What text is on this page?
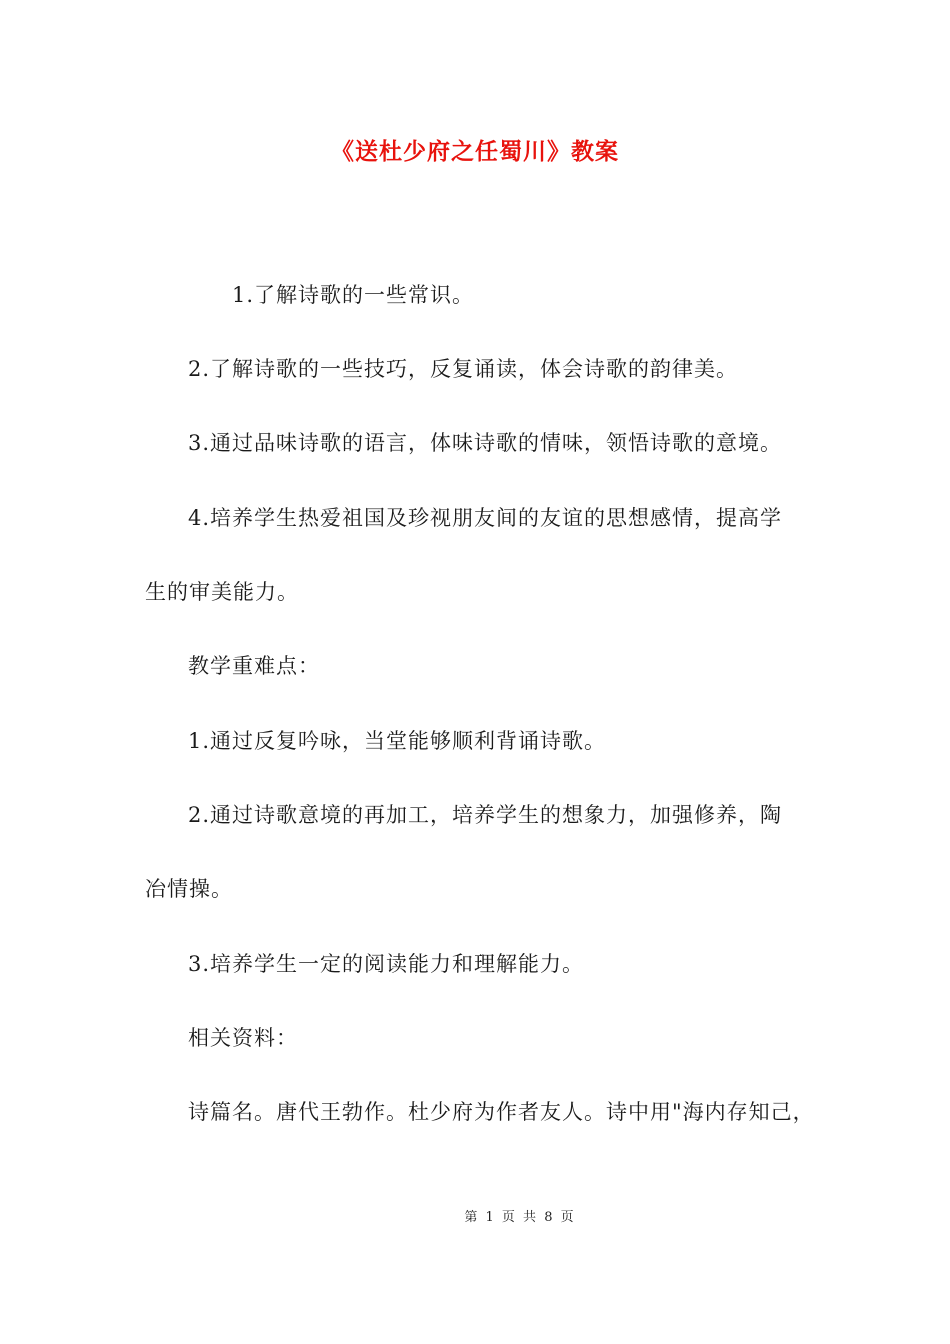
《送杜少府之任蜀川》教案
1.了解诗歌的一些常识。
2.了解诗歌的一些技巧，反复诵读，体会诗歌的韵律美。
3.通过品味诗歌的语言，体味诗歌的情味，领悟诗歌的意境。
4.培养学生热爱祖国及珍视朋友间的友谊的思想感情，提高学
生的审美能力。
教学重难点：
1.通过反复吟咏，当堂能够顺利背诵诗歌。
2.通过诗歌意境的再加工，培养学生的想象力，加强修养，陶
冶情操。
3.培养学生一定的阅读能力和理解能力。
相关资料：
诗篇名。唐代王勃作。杜少府为作者友人。诗中用"海内存知己，
第 1 页 共 8 页
